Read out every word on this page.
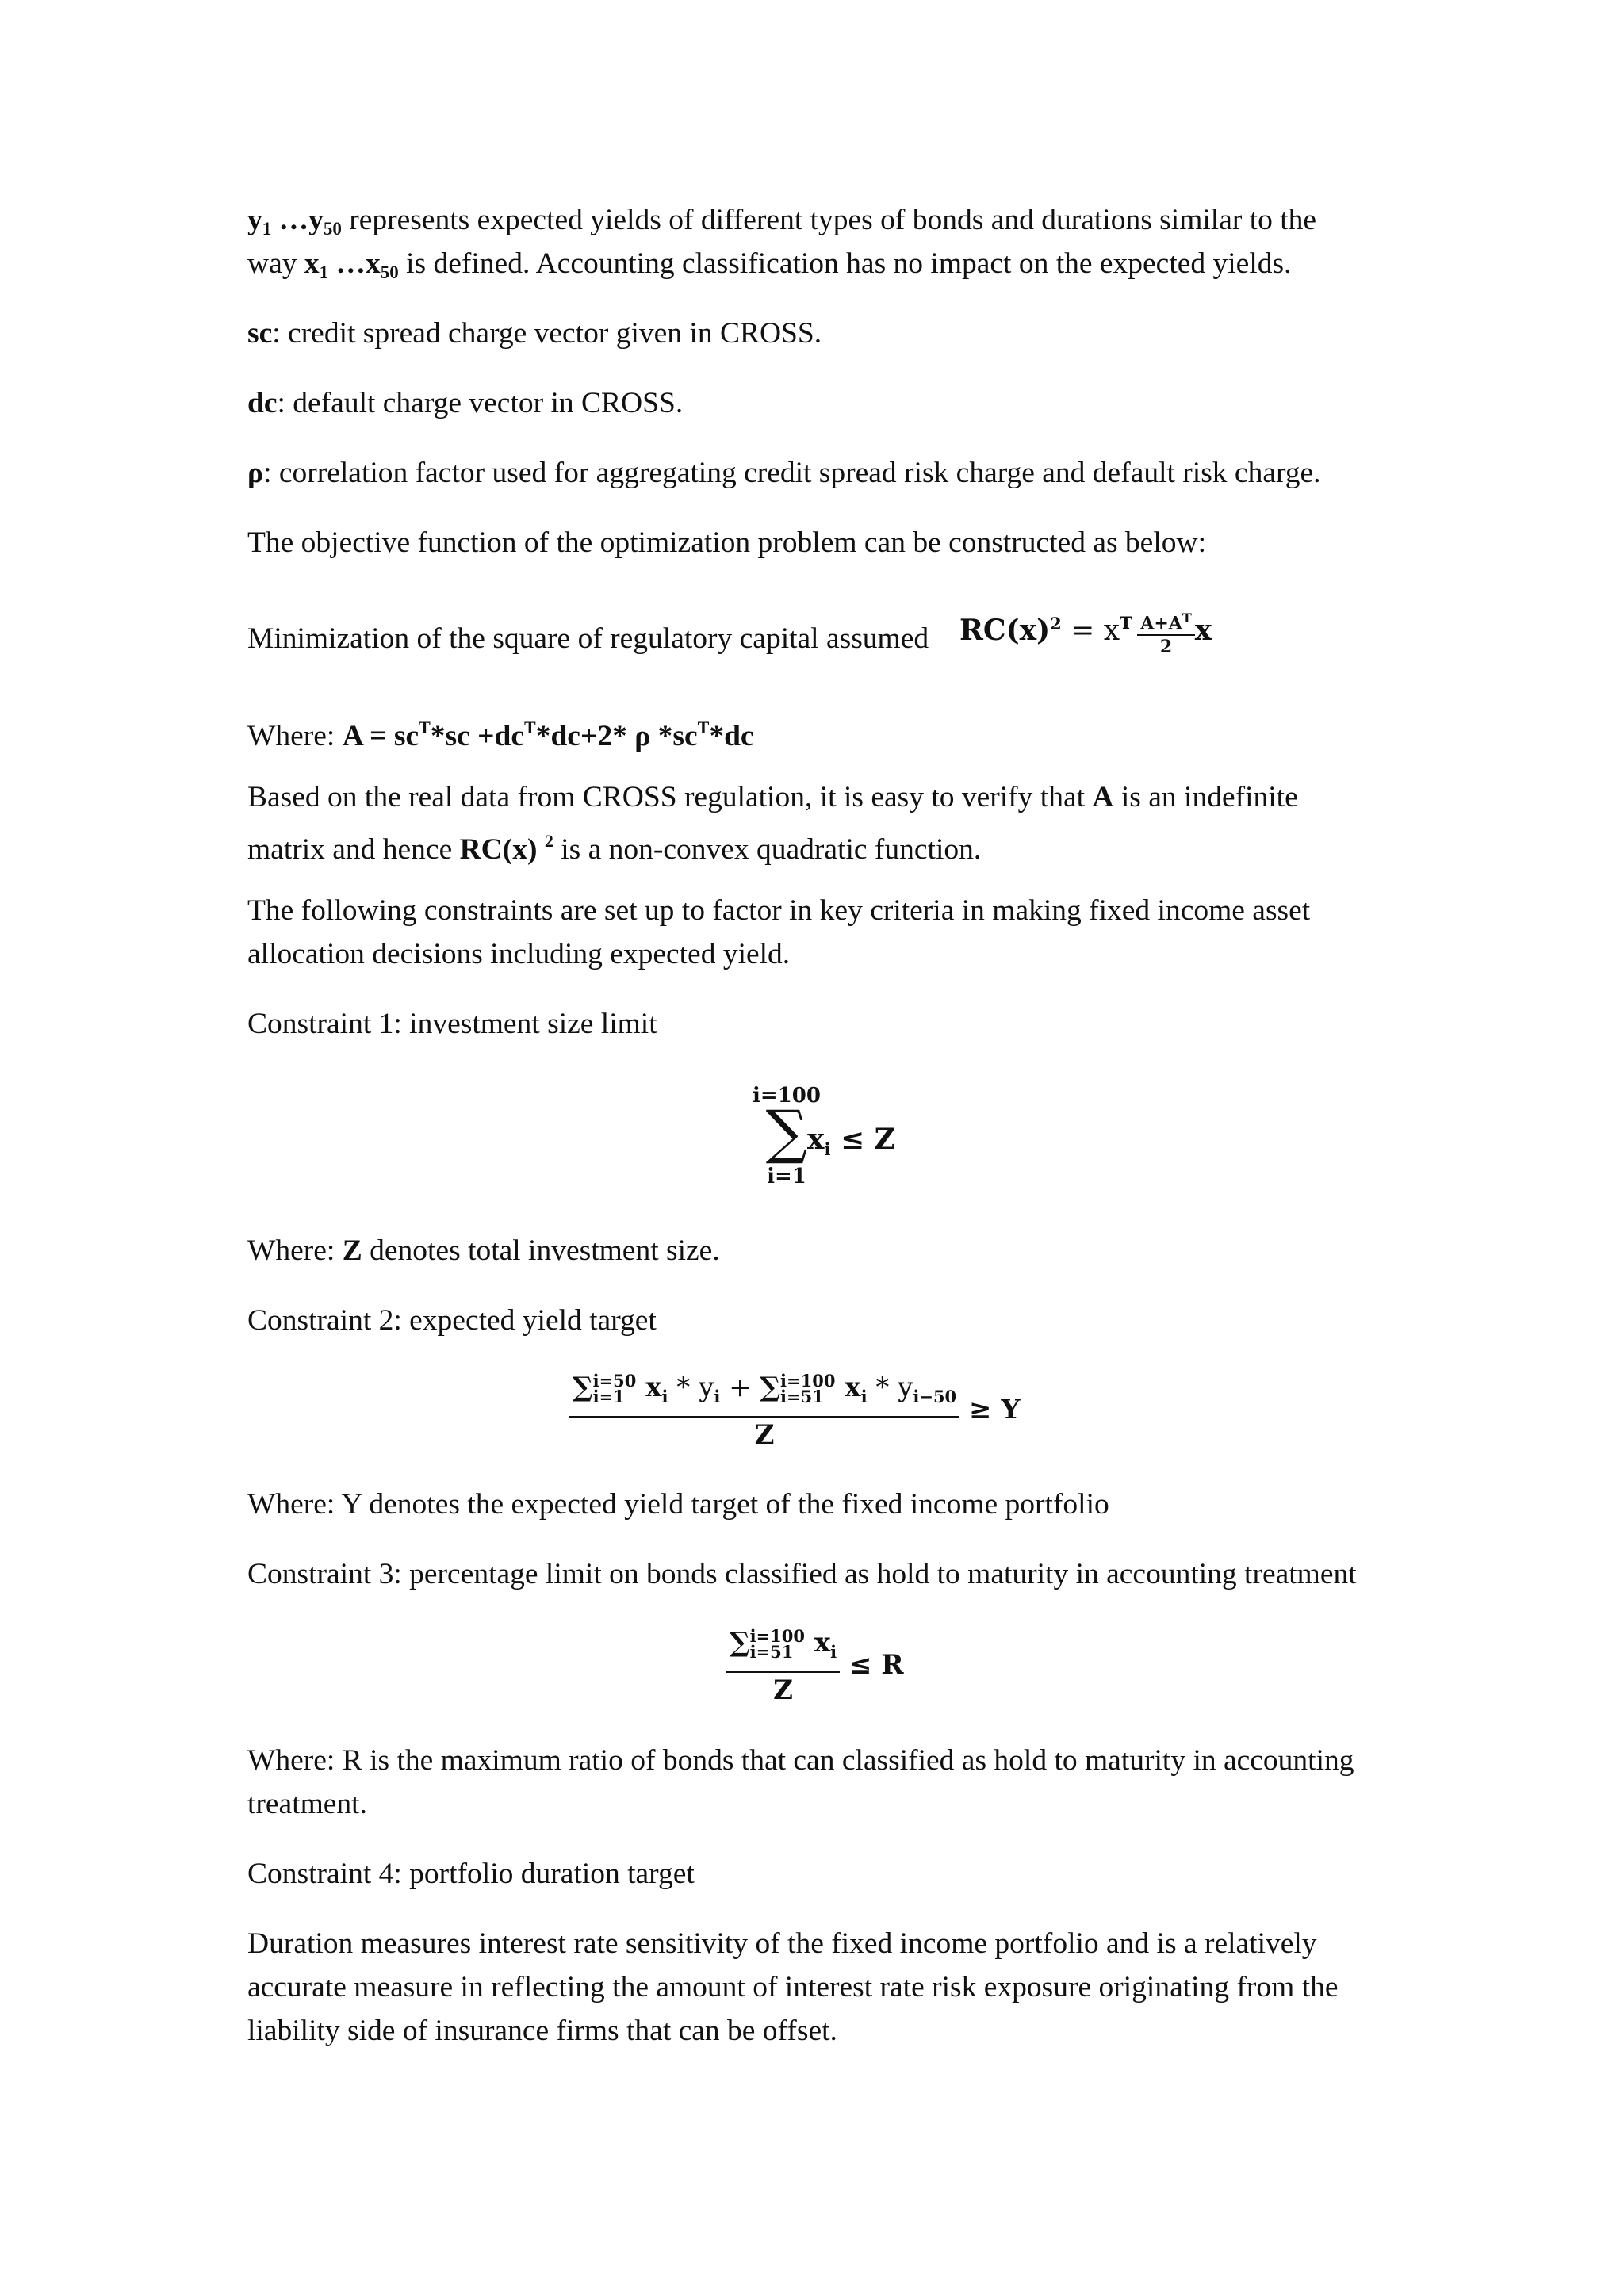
$y_1$ $\dots y_{50}$ represents expected yields of different types of bonds and durations similar to the
way $x_1$ $\dots x_{50}$ is defined. Accounting classification has no impact on the expected yields.
sc: credit spread charge vector given in CROSS.
dc: default charge vector in CROSS.
ρ: correlation factor used for aggregating credit spread risk charge and default risk charge.
The objective function of the optimization problem can be constructed as below:
Minimization of the square of regulatory capital assumed $RC(x)^2 = x^T \frac{A+A^T}{2}$ x
Where: $A = sc^T*sc +dc^T*dc+2*$ ρ $*sc^T*dc$
Based on the real data from CROSS regulation, it is easy to verify that A is an indefinite
matrix and hence RC(x) $^2$ is a non-convex quadratic function.
The following constraints are set up to factor in key criteria in making fixed income asset
allocation decisions including expected yield.
Constraint 1: investment size limit
i=100
∑
i=1
$x_i \le Z$
Where: Z denotes total investment size.
Constraint 2: expected yield target
∑ i=50
i=1 $x_i * y_i$ + ∑ i=100
i=51 $x_i * y_{i-50}$
Z ≥ Y
Where: Y denotes the expected yield target of the fixed income portfolio
Constraint 3: percentage limit on bonds classified as hold to maturity in accounting treatment
∑ i=100
i=51 $x_i$
Z ≤ R
Where: R is the maximum ratio of bonds that can classified as hold to maturity in accounting
treatment.
Constraint 4: portfolio duration target
Duration measures interest rate sensitivity of the fixed income portfolio and is a relatively
accurate measure in reflecting the amount of interest rate risk exposure originating from the
liability side of insurance firms that can be offset.
